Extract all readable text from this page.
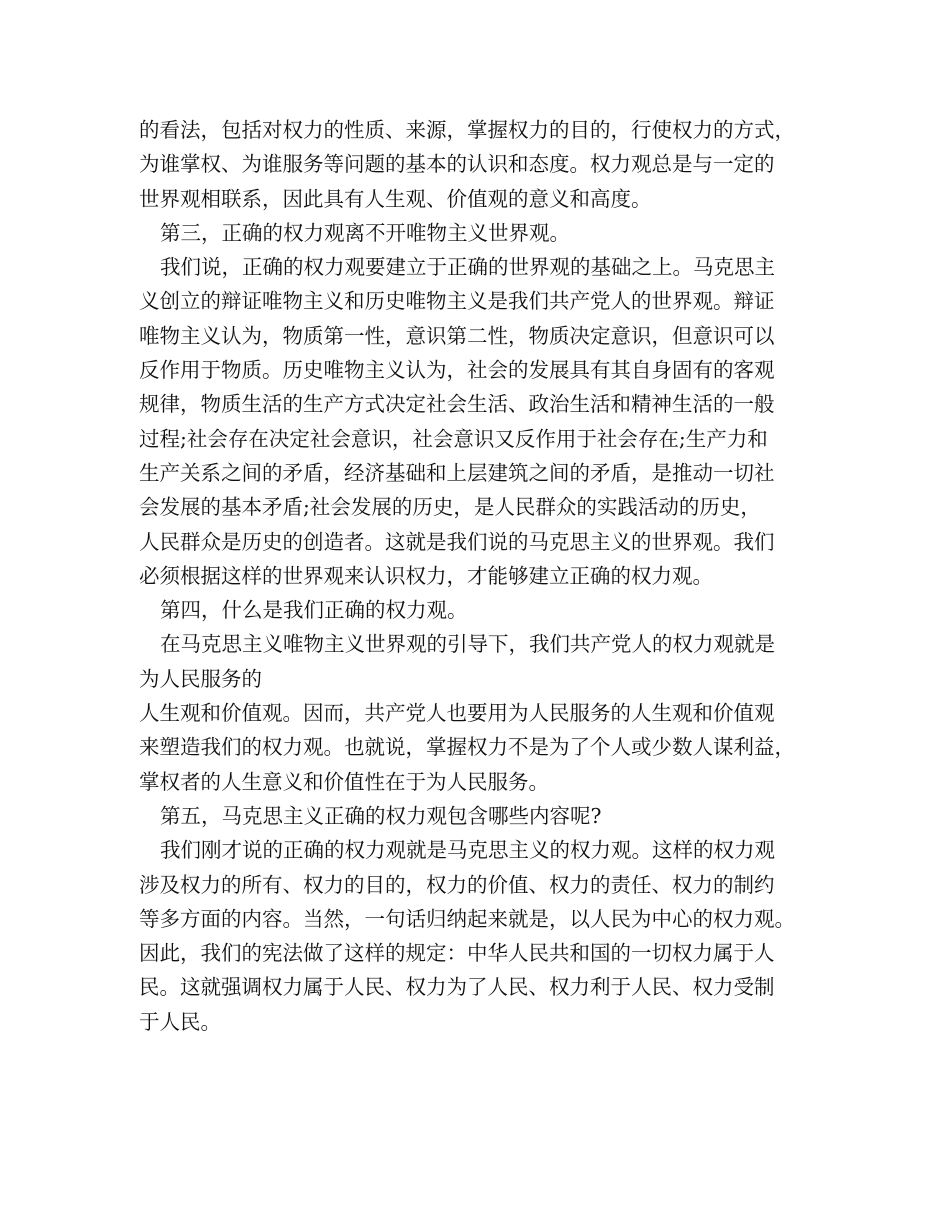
的看法，包括对权力的性质、来源，掌握权力的目的，行使权力的方式，
为谁掌权、为谁服务等问题的基本的认识和态度。权力观总是与一定的
世界观相联系，因此具有人生观、价值观的意义和高度。
第三，正确的权力观离不开唯物主义世界观。
我们说，正确的权力观要建立于正确的世界观的基础之上。马克思主
义创立的辩证唯物主义和历史唯物主义是我们共产党人的世界观。辩证
唯物主义认为，物质第一性，意识第二性，物质决定意识，但意识可以
反作用于物质。历史唯物主义认为，社会的发展具有其自身固有的客观
规律，物质生活的生产方式决定社会生活、政治生活和精神生活的一般
过程;社会存在决定社会意识，社会意识又反作用于社会存在;生产力和
生产关系之间的矛盾，经济基础和上层建筑之间的矛盾，是推动一切社
会发展的基本矛盾;社会发展的历史，是人民群众的实践活动的历史，
人民群众是历史的创造者。这就是我们说的马克思主义的世界观。我们
必须根据这样的世界观来认识权力，才能够建立正确的权力观。
第四，什么是我们正确的权力观。
在马克思主义唯物主义世界观的引导下，我们共产党人的权力观就是
为人民服务的
人生观和价值观。因而，共产党人也要用为人民服务的人生观和价值观
来塑造我们的权力观。也就说，掌握权力不是为了个人或少数人谋利益，
掌权者的人生意义和价值性在于为人民服务。
第五，马克思主义正确的权力观包含哪些内容呢?
我们刚才说的正确的权力观就是马克思主义的权力观。这样的权力观
涉及权力的所有、权力的目的，权力的价值、权力的责任、权力的制约
等多方面的内容。当然，一句话归纳起来就是，以人民为中心的权力观。
因此，我们的宪法做了这样的规定：中华人民共和国的一切权力属于人
民。这就强调权力属于人民、权力为了人民、权力利于人民、权力受制
于人民。
